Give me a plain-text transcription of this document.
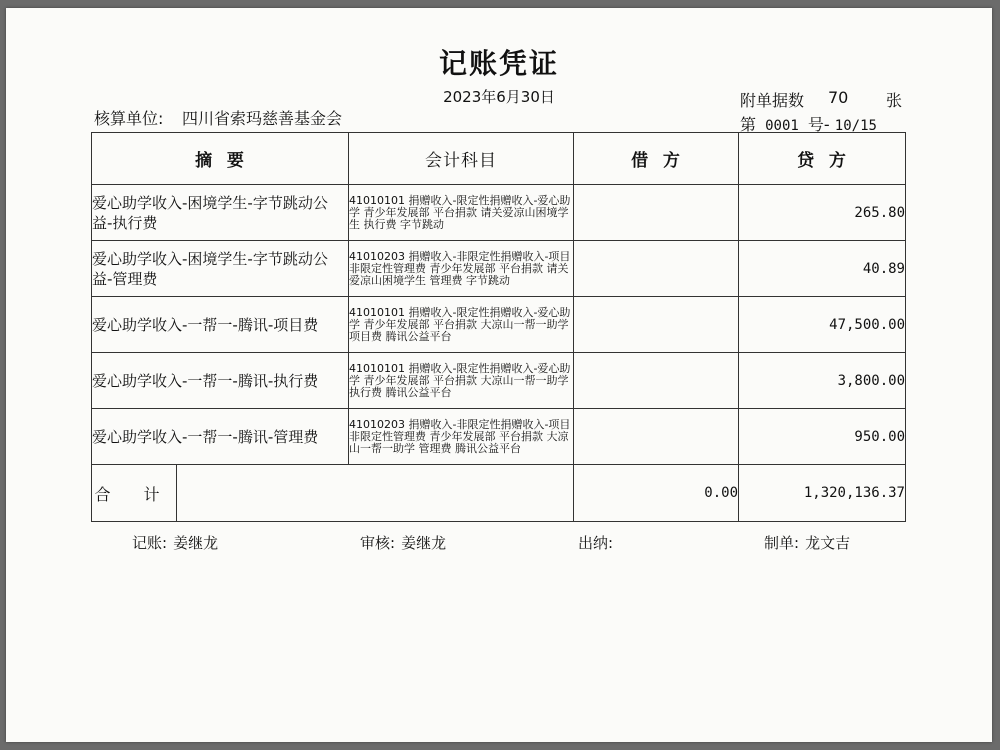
记账凭证
2023年6月30日
核算单位: 四川省索玛慈善基金会
附单据数 70 张
第 0001 号- 10/15
摘  要	会计科目	借  方	贷  方
爱心助学收入-困境学生-字节跳动公益-执行费	41010101 捐赠收入-限定性捐赠收入-爱心助学 青少年发展部 平台捐款 请关爱凉山困境学生 执行费 字节跳动		265.80
爱心助学收入-困境学生-字节跳动公益-管理费	41010203 捐赠收入-非限定性捐赠收入-项目非限定性管理费 青少年发展部 平台捐款 请关爱凉山困境学生 管理费 字节跳动		40.89
爱心助学收入-一帮一-腾讯-项目费	41010101 捐赠收入-限定性捐赠收入-爱心助学 青少年发展部 平台捐款 大凉山一帮一助学 项目费 腾讯公益平台		47,500.00
爱心助学收入-一帮一-腾讯-执行费	41010101 捐赠收入-限定性捐赠收入-爱心助学 青少年发展部 平台捐款 大凉山一帮一助学 执行费 腾讯公益平台		3,800.00
爱心助学收入-一帮一-腾讯-管理费	41010203 捐赠收入-非限定性捐赠收入-项目非限定性管理费 青少年发展部 平台捐款 大凉山一帮一助学 管理费 腾讯公益平台		950.00

合 计		0.00	1,320,136.37
记账: 姜继龙	审核: 姜继龙	出纳:	制单: 龙文吉
